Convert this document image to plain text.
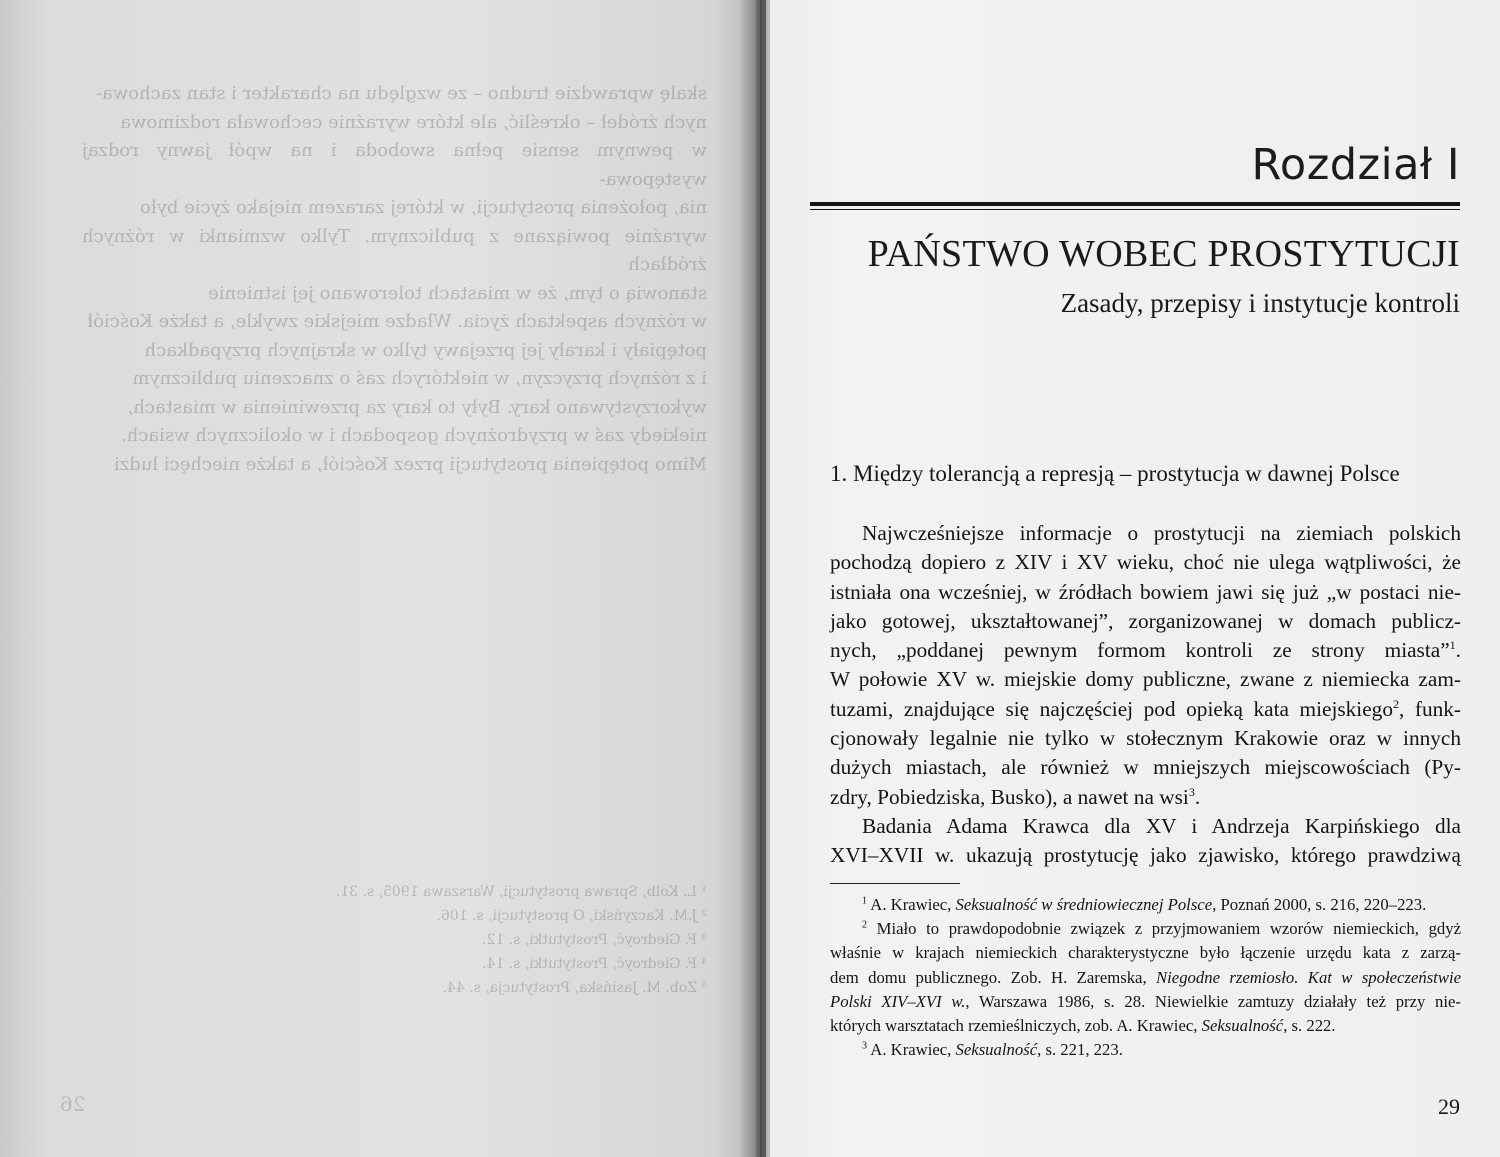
skalę wprawdzie trudno – ze względu na charakter i stan zachowa-
nych źródeł – określić, ale które wyraźnie cechowała rodzimowa
w pewnym sensie pełna swoboda i na wpół jawny rodzaj występowa-
nia, położenia prostytucji, w której zarazem niejako życie było
wyraźnie powiązane z publicznym. Tylko wzmianki w różnych źródłach
stanowią o tym, że w miastach tolerowano jej istnienie
w różnych aspektach życia. Władze miejskie zwykle, a także Kościół
potępiały i karały jej przejawy tylko w skrajnych przypadkach
i z różnych przyczyn, w niektórych zaś o znaczeniu publicznym
wykorzystywano kary. Były to kary za przewinienia w miastach,
niekiedy zaś w przydrożnych gospodach i w okolicznych wsiach.
Mimo potępienia prostytucji przez Kościół, a także niechęci ludzi
¹ L. Kolb, Sprawa prostytucji, Warszawa 1905, s. 31.
² J.M. Kaczyński, O prostytucji, s. 106.
³ F. Giedroyć, Prostytutki, s. 12.
⁴ F. Giedroyć, Prostytutki, s. 14.
⁵ Zob. M. Jasińska, Prostytucja, s. 44.
26
Rozdział I
PAŃSTWO WOBEC PROSTYTUCJI
Zasady, przepisy i instytucje kontroli
1. Między tolerancją a represją – prostytucja w dawnej Polsce
Najwcześniejsze informacje o prostytucji na ziemiach polskich
pochodzą dopiero z XIV i XV wieku, choć nie ulega wątpliwości, że
istniała ona wcześniej, w źródłach bowiem jawi się już „w postaci nie-
jako gotowej, ukształtowanej”, zorganizowanej w domach publicz-
nych, „poddanej pewnym formom kontroli ze strony miasta”$^1$.
W połowie XV w. miejskie domy publiczne, zwane z niemiecka zam-
tuzami, znajdujące się najczęściej pod opieką kata miejskiego$^2$, funk-
cjonowały legalnie nie tylko w stołecznym Krakowie oraz w innych
dużych miastach, ale również w mniejszych miejscowościach (Py-
zdry, Pobiedziska, Busko), a nawet na wsi$^3$.
Badania Adama Krawca dla XV i Andrzeja Karpińskiego dla
XVI–XVII w. ukazują prostytucję jako zjawisko, którego prawdziwą
$^1$ A. Krawiec, Seksualność w średniowiecznej Polsce, Poznań 2000, s. 216, 220–223.
$^2$ Miało to prawdopodobnie związek z przyjmowaniem wzorów niemieckich, gdyż
właśnie w krajach niemieckich charakterystyczne było łączenie urzędu kata z zarzą-
dem domu publicznego. Zob. H. Zaremska, Niegodne rzemiosło. Kat w społeczeństwie
Polski XIV–XVI w., Warszawa 1986, s. 28. Niewielkie zamtuzy działały też przy nie-
których warsztatach rzemieślniczych, zob. A. Krawiec, Seksualność, s. 222.
$^3$ A. Krawiec, Seksualność, s. 221, 223.
29
